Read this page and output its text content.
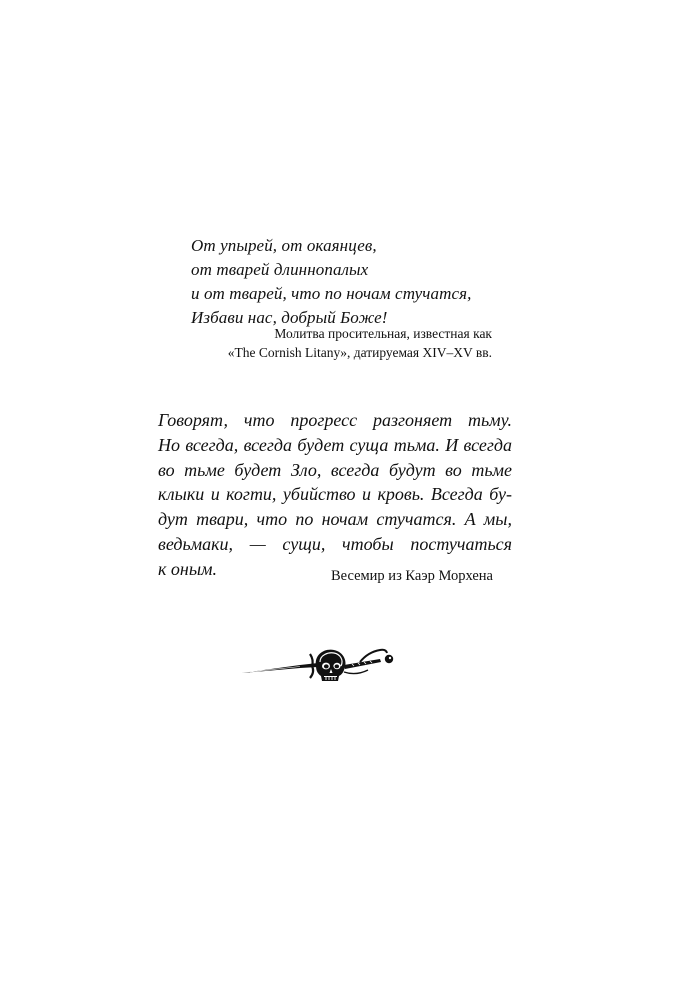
От упырей, от окаянцев,
от тварей длиннопалых
и от тварей, что по ночам стучатся,
Избави нас, добрый Боже!
Молитва просительная, известная как
«The Cornish Litany», датируемая XIV–XV вв.
Говорят, что прогресс разгоняет тьму.
Но всегда, всегда будет суща тьма. И всегда
во тьме будет Зло, всегда будут во тьме
клыки и когти, убийство и кровь. Всегда бу-
дут твари, что по ночам стучатся. А мы,
ведьмаки, — сущи, чтобы постучаться
к оным.	Весемир из Каэр Морхена
